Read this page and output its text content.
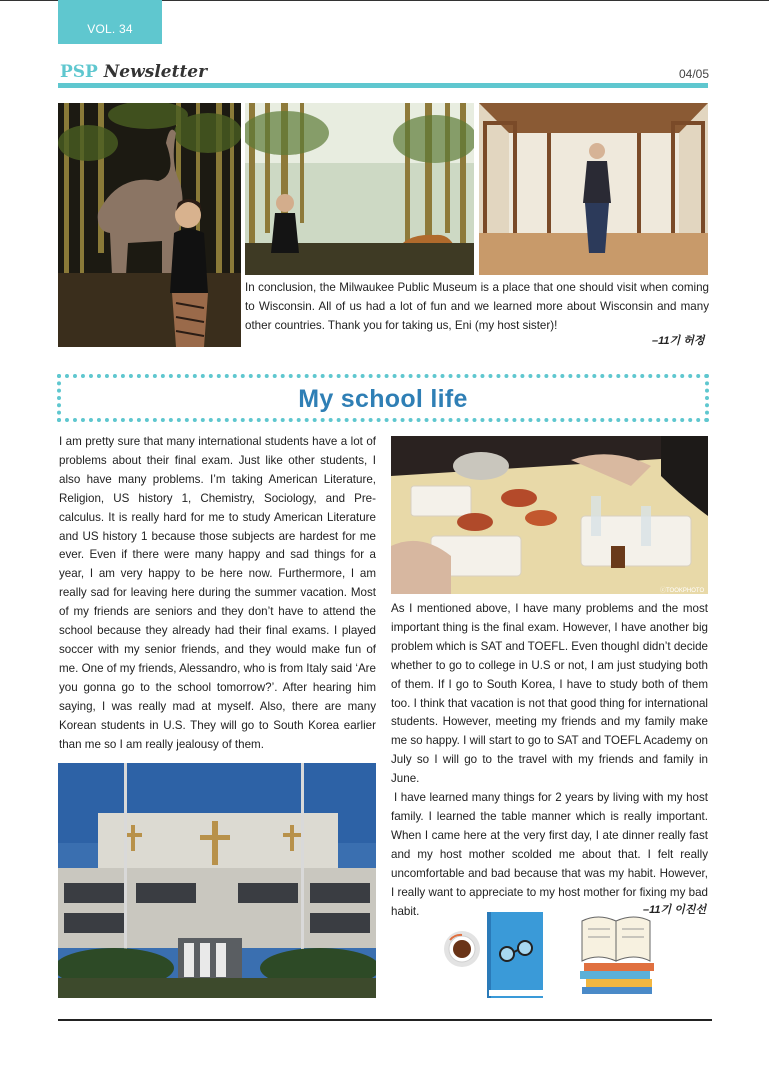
VOL. 34
PSP Newsletter	04/05
In conclusion, the Milwaukee Public Museum is a place that one should visit when coming to Wisconsin. All of us had a lot of fun and we learned more about Wisconsin and many other countries. Thank you for taking us, Eni (my host sister)!
–11기 허정
My school life

I am pretty sure that many international students have a lot of problems about their final exam. Just like other students, I also have many problems. I’m taking American Literature, Religion, US history 1, Chemistry, Sociology, and Pre-calculus. It is really hard for me to study American Literature and US history 1 because those subjects are hardest for me ever. Even if there were many happy and sad things for a year, I am very happy to be here now. Furthermore, I am really sad for leaving here during the summer vacation. Most of my friends are seniors and they don’t have to attend the school because they already had their final exams. I played soccer with my senior friends, and they would make fun of me. One of my friends, Alessandro, who is from Italy said ‘Are you gonna go to the school tomorrow?’. After hearing him saying, I was really mad at myself. Also, there are many Korean students in U.S. They will go to South Korea earlier than me so I am really jealousy of them.

ⓒTOOKPHOTO

As I mentioned above, I have many problems and the most important thing is the final exam. However, I have another big problem which is SAT and TOEFL. Even thoughI didn’t decide whether to go to college in U.S or not, I am just studying both of them. If I go to South Korea, I have to study both of them too. I think that vacation is not that good thing for international students. However, meeting my friends and my family make me so happy. I will start to go to SAT and TOEFL Academy on July so I will go to the travel with my friends and family in June.

I have learned many things for 2 years by living with my host family. I learned the table manner which is really important. When I came here at the very first day, I ate dinner really fast and my host mother scolded me about that. I felt really uncomfortable and bad because that was my habit. However, I really want to appreciate to my host mother for fixing my bad habit.	–11기 이진선
